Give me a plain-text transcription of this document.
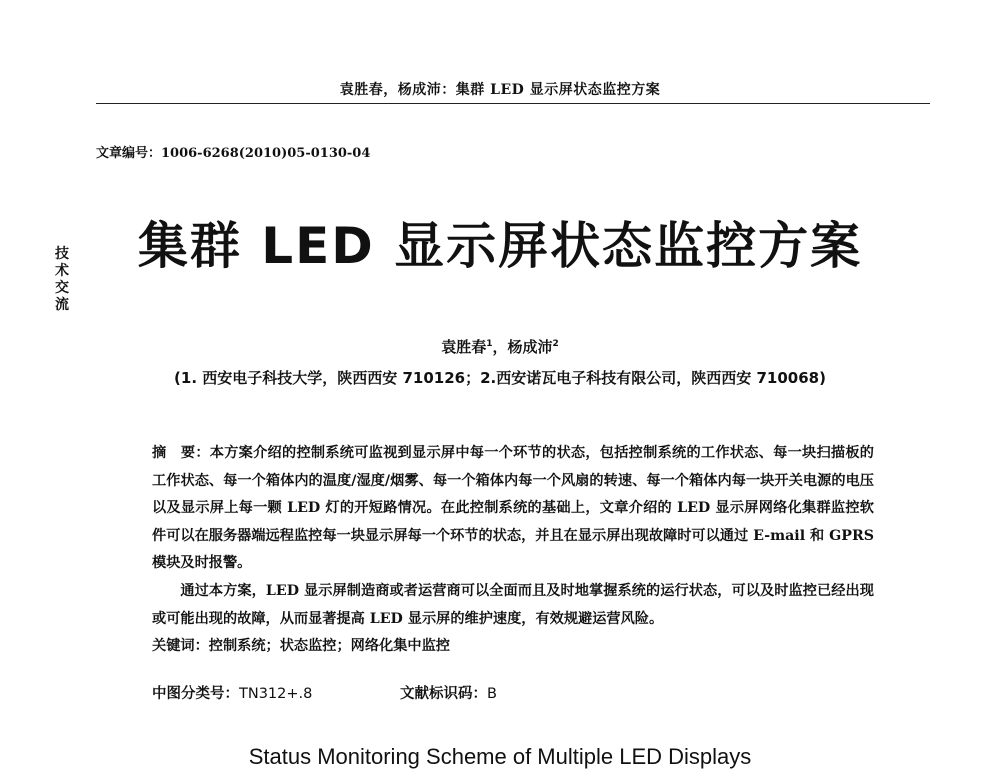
袁胜春，杨成沛：集群 LED 显示屏状态监控方案
文章编号：1006-6268(2010)05-0130-04
技
术
交
流
集群 LED 显示屏状态监控方案
袁胜春$^1$，杨成沛$^2$
(1. 西安电子科技大学，陕西西安 710126；2.西安诺瓦电子科技有限公司，陕西西安 710068)

摘　要：本方案介绍的控制系统可监视到显示屏中每一个环节的状态，包括控制系统的工作状态、每一块扫描板的工作状态、每一个箱体内的温度/湿度/烟雾、每一个箱体内每一个风扇的转速、每一个箱体内每一块开关电源的电压以及显示屏上每一颗 LED 灯的开短路情况。在此控制系统的基础上，文章介绍的 LED 显示屏网络化集群监控软件可以在服务器端远程监控每一块显示屏每一个环节的状态，并且在显示屏出现故障时可以通过 E-mail 和 GPRS 模块及时报警。

通过本方案，LED 显示屏制造商或者运营商可以全面而且及时地掌握系统的运行状态，可以及时监控已经出现或可能出现的故障，从而显著提高 LED 显示屏的维护速度，有效规避运营风险。

关键词：控制系统；状态监控；网络化集中监控

中图分类号：TN312+.8	文献标识码：B
Status Monitoring Scheme of Multiple LED Displays
